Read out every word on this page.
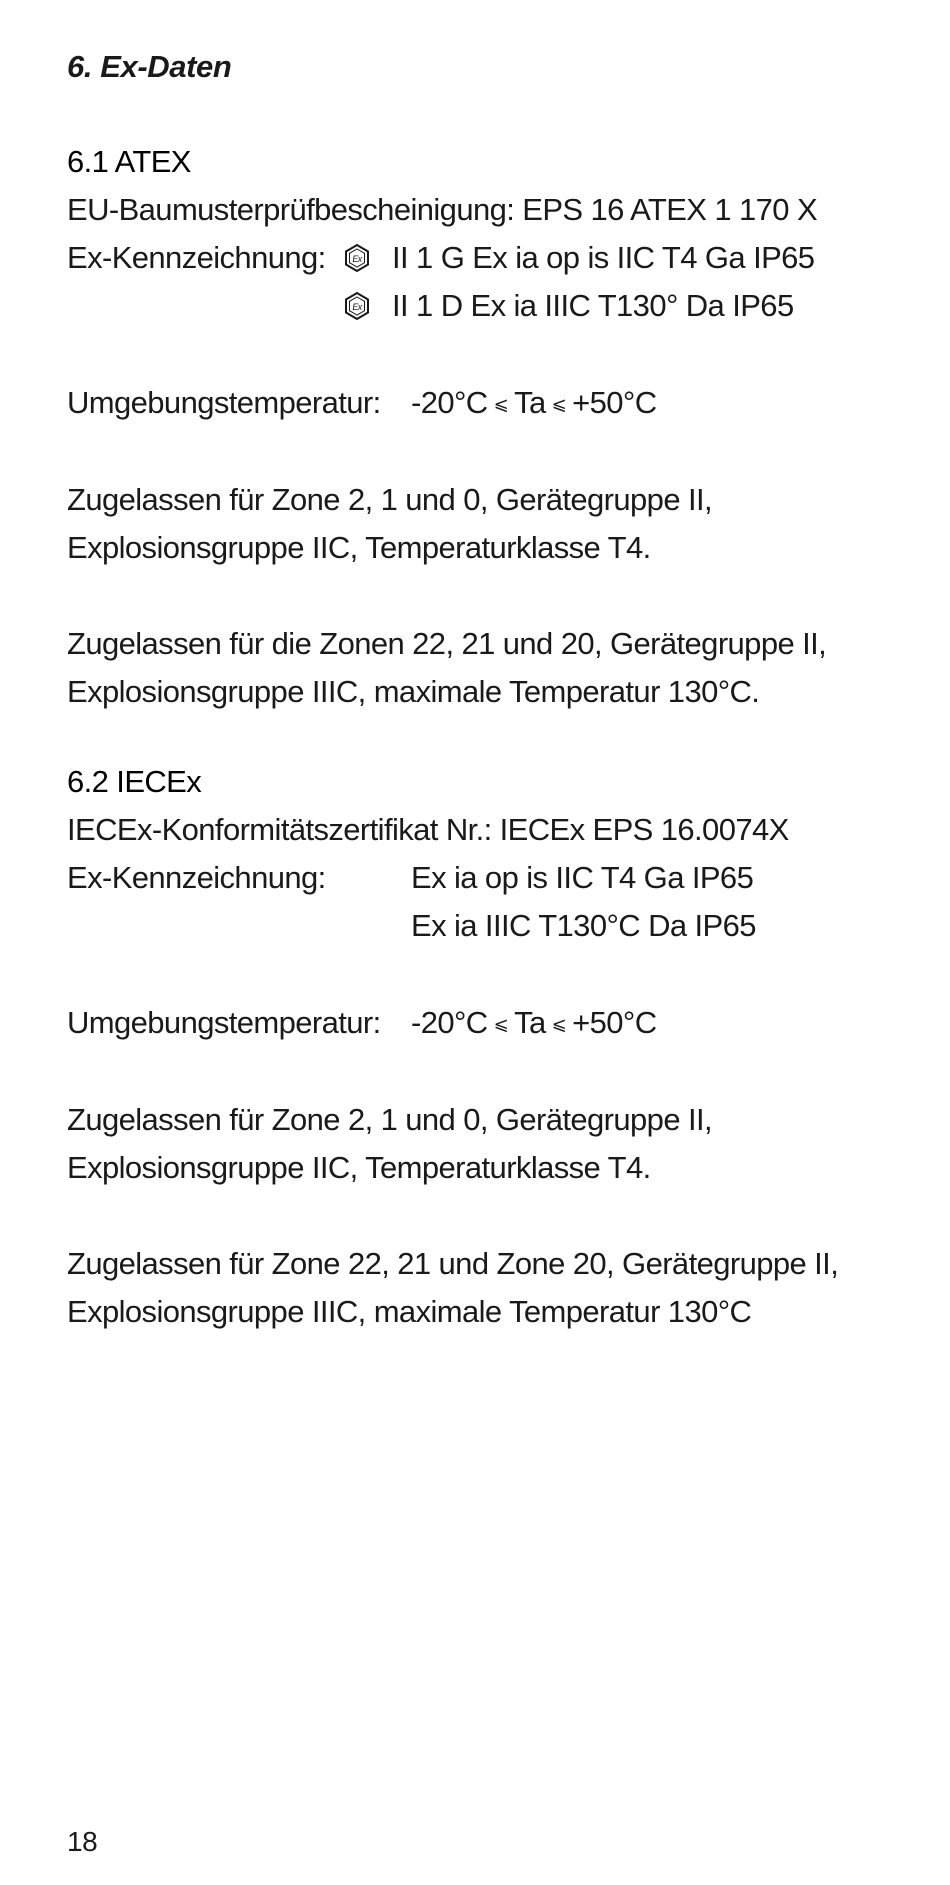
6. Ex-Daten
6.1 ATEX
EU-Baumusterprüfbescheinigung: EPS 16 ATEX 1 170 X
Ex-Kennzeichnung:	Ex II 1 G Ex ia op is IIC T4 Ga IP65
Ex II 1 D Ex ia IIIC T130° Da IP65
Umgebungstemperatur: -20°C ⩽ Ta ⩽ +50°C
Zugelassen für Zone 2, 1 und 0, Gerätegruppe II,
Explosionsgruppe IIC, Temperaturklasse T4.
Zugelassen für die Zonen 22, 21 und 20, Gerätegruppe II,
Explosionsgruppe IIIC, maximale Temperatur 130°C.
6.2 IECEx
IECEx-Konformitätszertifikat Nr.: IECEx EPS 16.0074X
Ex-Kennzeichnung:	Ex ia op is IIC T4 Ga IP65
Ex ia IIIC T130°C Da IP65
Umgebungstemperatur: -20°C ⩽ Ta ⩽ +50°C
Zugelassen für Zone 2, 1 und 0, Gerätegruppe II,
Explosionsgruppe IIC, Temperaturklasse T4.
Zugelassen für Zone 22, 21 und Zone 20, Gerätegruppe II,
Explosionsgruppe IIIC, maximale Temperatur 130°C
18
